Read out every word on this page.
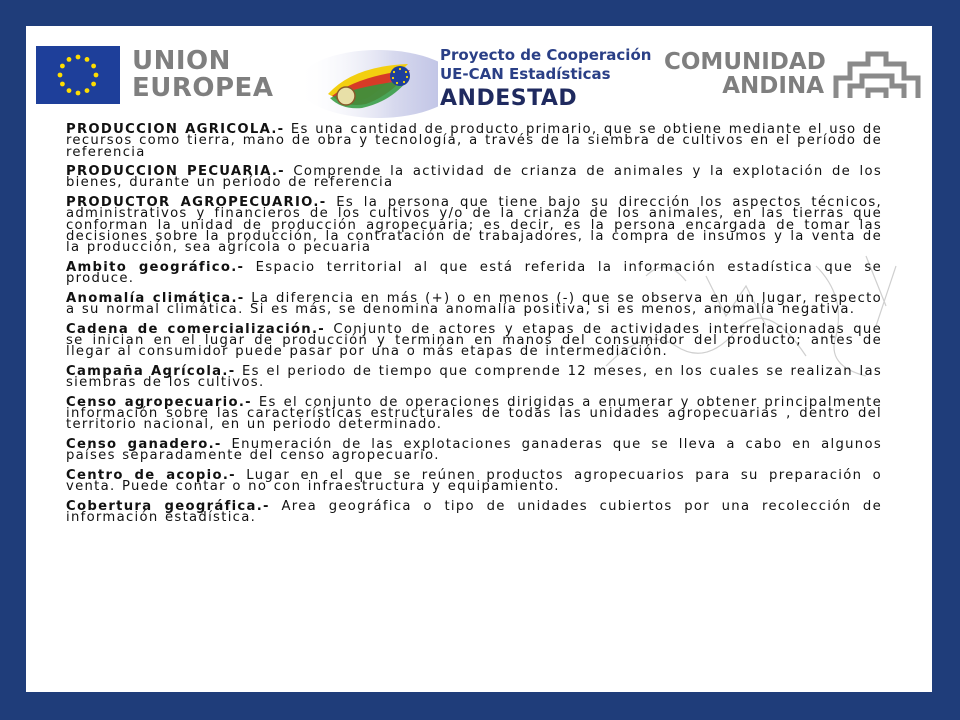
UNION
EUROPEA
Proyecto de Cooperación
UE-CAN Estadísticas
ANDESTAD
COMUNIDAD
ANDINA

PRODUCCION AGRICOLA.- Es una cantidad de producto primario, que se obtiene mediante el uso de recursos como tierra, mano de obra y tecnología, a través de la siembra de cultivos en el período de referencia

PRODUCCION PECUARIA.- Comprende la actividad de crianza de animales y la explotación de los bienes, durante un período de referencia

PRODUCTOR AGROPECUARIO.- Es la persona que tiene bajo su dirección los aspectos técnicos, administrativos y financieros de los cultivos y/o de la crianza de los animales, en las tierras que conforman la unidad de producción agropecuaria; es decir, es la persona encargada de tomar las decisiones sobre la producción, la contratación de trabajadores, la compra de insumos y la venta de la producción, sea agrícola o pecuaria

Ambito geográfico.- Espacio territorial al que está referida la información estadística que se produce.

Anomalía climática.- La diferencia en más (+) o en menos (-) que se observa en un lugar, respecto a su normal climática. Si es más, se denomina anomalía positiva, si es menos, anomalía negativa.

Cadena de comercialización.- Conjunto de actores y etapas de actividades interrelacionadas que se inician en el lugar de producción y terminan en manos del consumidor del producto; antes de llegar al consumidor puede pasar por una o más etapas de intermediación.

Campaña Agrícola.- Es el periodo de tiempo que comprende 12 meses, en los cuales se realizan las siembras de los cultivos.

Censo agropecuario.- Es el conjunto de operaciones dirigidas a enumerar y obtener principalmente información sobre las características estructurales de todas las unidades agropecuarias , dentro del territorio nacional, en un periodo determinado.

Censo ganadero.- Enumeración de las explotaciones ganaderas que se lleva a cabo en algunos países separadamente del censo agropecuario.

Centro de acopio.- Lugar en el que se reúnen productos agropecuarios para su preparación o venta. Puede contar o no con infraestructura y equipamiento.

Cobertura geográfica.- Area geográfica o tipo de unidades cubiertos por una recolección de información estadística.
